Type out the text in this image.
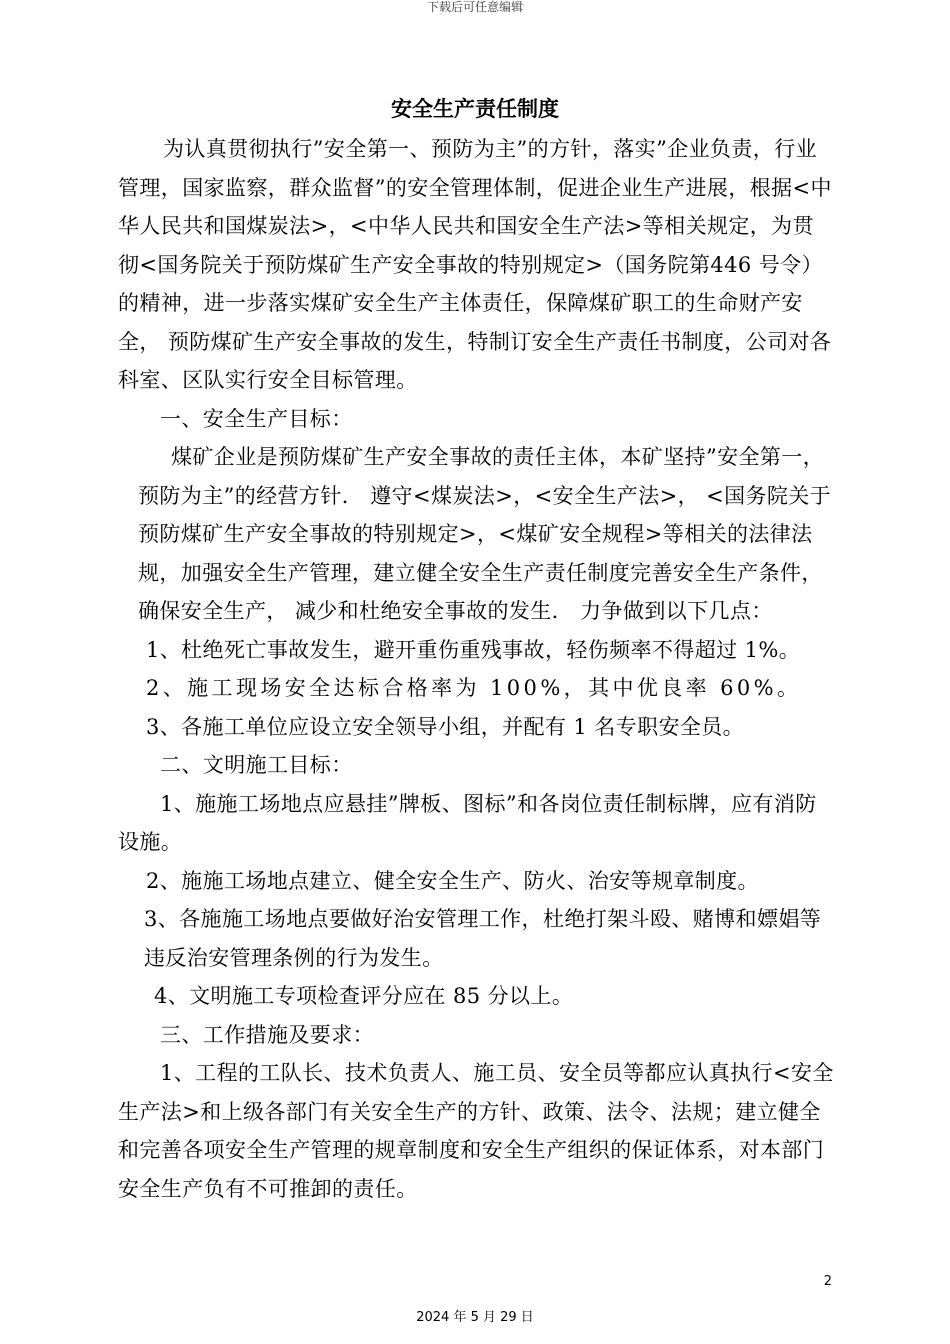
下载后可任意编辑
安全生产责任制度

为认真贯彻执行”安全第一、预防为主”的方针，落实”企业负责，行业管理，国家监察，群众监督”的安全管理体制，促进企业生产进展，根据<中华人民共和国煤炭法>，<中华人民共和国安全生产法>等相关规定，为贯彻<国务院关于预防煤矿生产安全事故的特别规定>（国务院第446 号令）的精神，进一步落实煤矿安全生产主体责任，保障煤矿职工的生命财产安全， 预防煤矿生产安全事故的发生，特制订安全生产责任书制度，公司对各科室、区队实行安全目标管理。

一、安全生产目标：

煤矿企业是预防煤矿生产安全事故的责任主体，本矿坚持”安全第一，预防为主”的经营方针． 遵守<煤炭法>，<安全生产法>， <国务院关于预防煤矿生产安全事故的特别规定>，<煤矿安全规程>等相关的法律法规，加强安全生产管理，建立健全安全生产责任制度完善安全生产条件，确保安全生产， 减少和杜绝安全事故的发生． 力争做到以下几点：

1、杜绝死亡事故发生，避开重伤重残事故，轻伤频率不得超过 1%。

2、施工现场安全达标合格率为 100%，其中优良率 60%。

3、各施工单位应设立安全领导小组，并配有 1 名专职安全员。

二、文明施工目标：

1、施施工场地点应悬挂”牌板、图标”和各岗位责任制标牌，应有消防设施。

2、施施工场地点建立、健全安全生产、防火、治安等规章制度。

3、各施施工场地点要做好治安管理工作，杜绝打架斗殴、赌博和嫖娼等违反治安管理条例的行为发生。

4、文明施工专项检查评分应在 85 分以上。

三、工作措施及要求：

1、工程的工队长、技术负责人、施工员、安全员等都应认真执行<安全生产法>和上级各部门有关安全生产的方针、政策、法令、法规；建立健全和完善各项安全生产管理的规章制度和安全生产组织的保证体系，对本部门安全生产负有不可推卸的责任。

2
2024 年 5 月 29 日
